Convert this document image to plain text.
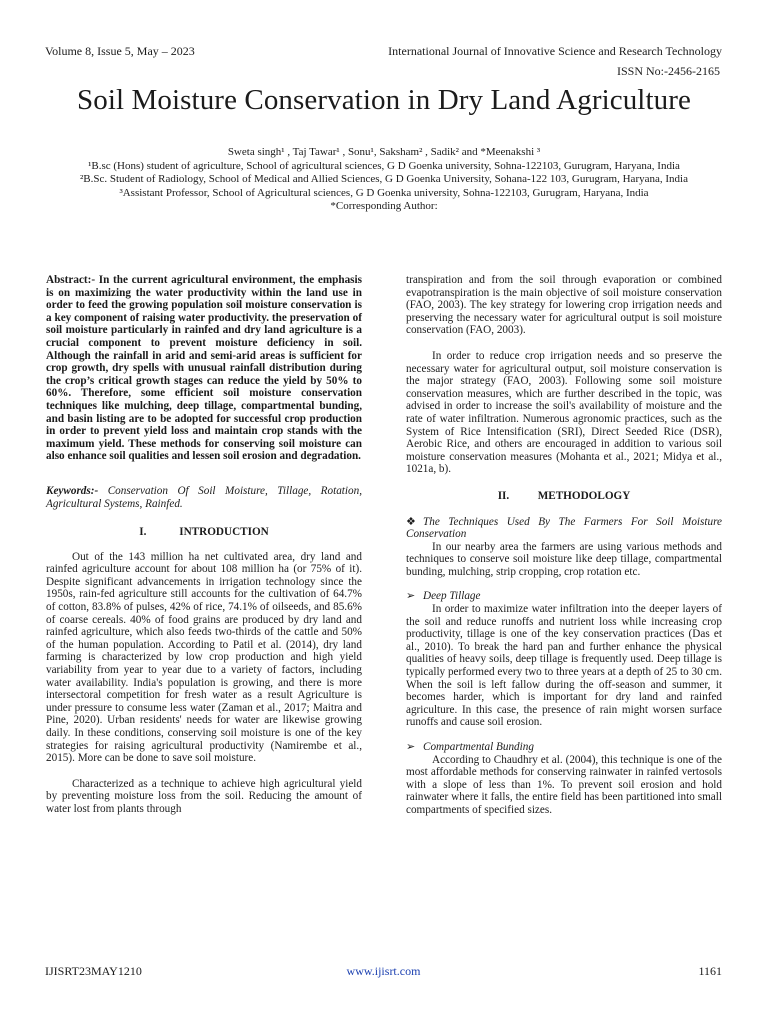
Volume 8, Issue 5, May – 2023	International Journal of Innovative Science and Research Technology
ISSN No:-2456-2165
Soil Moisture Conservation in Dry Land Agriculture

Sweta singh¹ , Taj Tawar¹ , Sonu¹, Saksham² , Sadik² and *Meenakshi ³

¹B.sc (Hons) student of agriculture, School of agricultural sciences, G D Goenka university, Sohna-122103, Gurugram, Haryana, India

²B.Sc. Student of Radiology, School of Medical and Allied Sciences, G D Goenka University, Sohana-122 103, Gurugram, Haryana, India

³Assistant Professor, School of Agricultural sciences, G D Goenka university, Sohna-122103, Gurugram, Haryana, India

*Corresponding Author:

Abstract:- In the current agricultural environment, the emphasis is on maximizing the water productivity within the land use in order to feed the growing population soil moisture conservation is a key component of raising water productivity. the preservation of soil moisture particularly in rainfed and dry land agriculture is a crucial component to prevent moisture deficiency in soil. Although the rainfall in arid and semi-arid areas is sufficient for crop growth, dry spells with unusual rainfall distribution during the crop’s critical growth stages can reduce the yield by 50% to 60%. Therefore, some efficient soil moisture conservation techniques like mulching, deep tillage, compartmental bunding, and basin listing are to be adopted for successful crop production in order to prevent yield loss and maintain crop stands with the maximum yield. These methods for conserving soil moisture can also enhance soil qualities and lessen soil erosion and degradation.

Keywords:- Conservation Of Soil Moisture, Tillage, Rotation, Agricultural Systems, Rainfed.

I.	INTRODUCTION

Out of the 143 million ha net cultivated area, dry land and rainfed agriculture account for about 108 million ha (or 75% of it). Despite significant advancements in irrigation technology since the 1950s, rain-fed agriculture still accounts for the cultivation of 64.7% of cotton, 83.8% of pulses, 42% of rice, 74.1% of oilseeds, and 85.6% of coarse cereals. 40% of food grains are produced by dry land and rainfed agriculture, which also feeds two-thirds of the cattle and 50% of the human population. According to Patil et al. (2014), dry land farming is characterized by low crop production and high yield variability from year to year due to a variety of factors, including water availability. India's population is growing, and there is more intersectoral competition for fresh water as a result Agriculture is under pressure to consume less water (Zaman et al., 2017; Maitra and Pine, 2020). Urban residents' needs for water are likewise growing daily. In these conditions, conserving soil moisture is one of the key strategies for raising agricultural productivity (Namirembe et al., 2015). More can be done to save soil moisture.

Characterized as a technique to achieve high agricultural yield by preventing moisture loss from the soil. Reducing the amount of water lost from plants through

transpiration and from the soil through evaporation or combined evapotranspiration is the main objective of soil moisture conservation (FAO, 2003). The key strategy for lowering crop irrigation needs and preserving the necessary water for agricultural output is soil moisture conservation (FAO, 2003).

In order to reduce crop irrigation needs and so preserve the necessary water for agricultural output, soil moisture conservation is the major strategy (FAO, 2003). Following some soil moisture conservation measures, which are further described in the topic, was advised in order to increase the soil's availability of moisture and the rate of water infiltration. Numerous agronomic practices, such as the System of Rice Intensification (SRI), Direct Seeded Rice (DSR), Aerobic Rice, and others are encouraged in addition to various soil moisture conservation measures (Mohanta et al., 2021; Midya et al., 1021a, b).

II.	METHODOLOGY

❖ The Techniques Used By The Farmers For Soil Moisture Conservation

In our nearby area the farmers are using various methods and techniques to conserve soil moisture like deep tillage, compartmental bunding, mulching, strip cropping, crop rotation etc.

➢ Deep Tillage

In order to maximize water infiltration into the deeper layers of the soil and reduce runoffs and nutrient loss while increasing crop productivity, tillage is one of the key conservation practices (Das et al., 2010). To break the hard pan and further enhance the physical qualities of heavy soils, deep tillage is frequently used. Deep tillage is typically performed every two to three years at a depth of 25 to 30 cm. When the soil is left fallow during the off-season and summer, it becomes harder, which is important for dry land and rainfed agriculture. In this case, the presence of rain might worsen surface runoffs and cause soil erosion.

➢ Compartmental Bunding

According to Chaudhry et al. (2004), this technique is one of the most affordable methods for conserving rainwater in rainfed vertosols with a slope of less than 1%. To prevent soil erosion and hold rainwater where it falls, the entire field has been partitioned into small compartments of specified sizes.

IJISRT23MAY1210	www.ijisrt.com	1161
